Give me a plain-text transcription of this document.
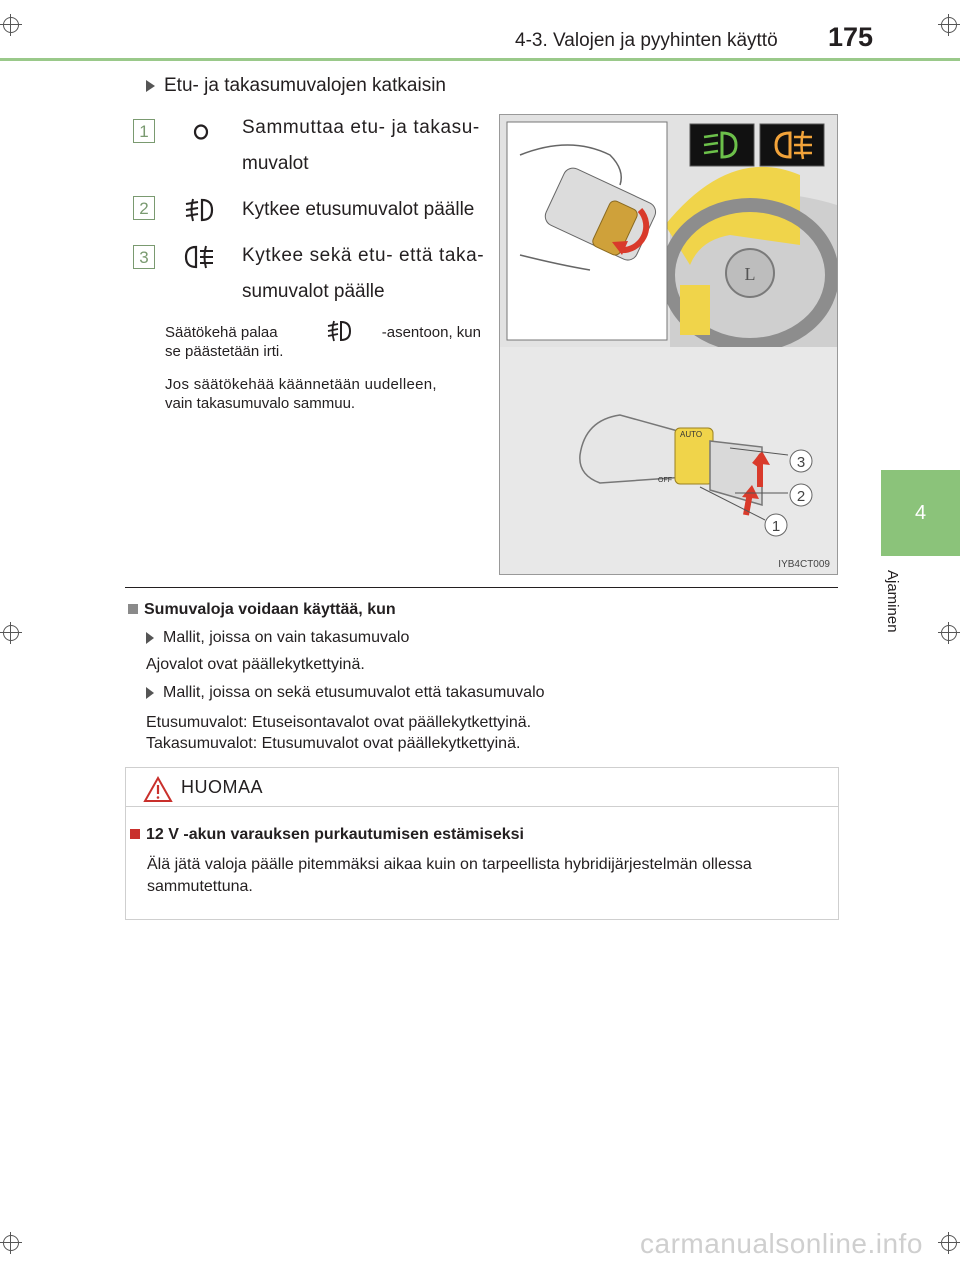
4-3. Valojen ja pyyhinten käyttö 175
4
Ajaminen
Etu- ja takasumuvalojen katkaisin
1	Sammuttaa etu- ja takasu-
muvalot
2	Kytkee etusumuvalot päälle
3	Kytkee sekä etu- että taka-
sumuvalot päälle
Säätökehä palaa	-asentoon, kun
se päästetään irti.
Jos säätökehää käännetään uudelleen,
vain takasumuvalo sammuu.
L
AUTO
3
2
1
OFF
IYB4CT009
Sumuvaloja voidaan käyttää, kun
Mallit, joissa on vain takasumuvalo
Ajovalot ovat päällekytkettyinä.
Mallit, joissa on sekä etusumuvalot että takasumuvalo
Etusumuvalot: Etuseisontavalot ovat päällekytkettyinä.
Takasumuvalot: Etusumuvalot ovat päällekytkettyinä.
HUOMAA
12 V -akun varauksen purkautumisen estämiseksi
Älä jätä valoja päälle pitemmäksi aikaa kuin on tarpeellista hybridijärjestelmän ollessa
sammutettuna.
carmanualsonline.info
